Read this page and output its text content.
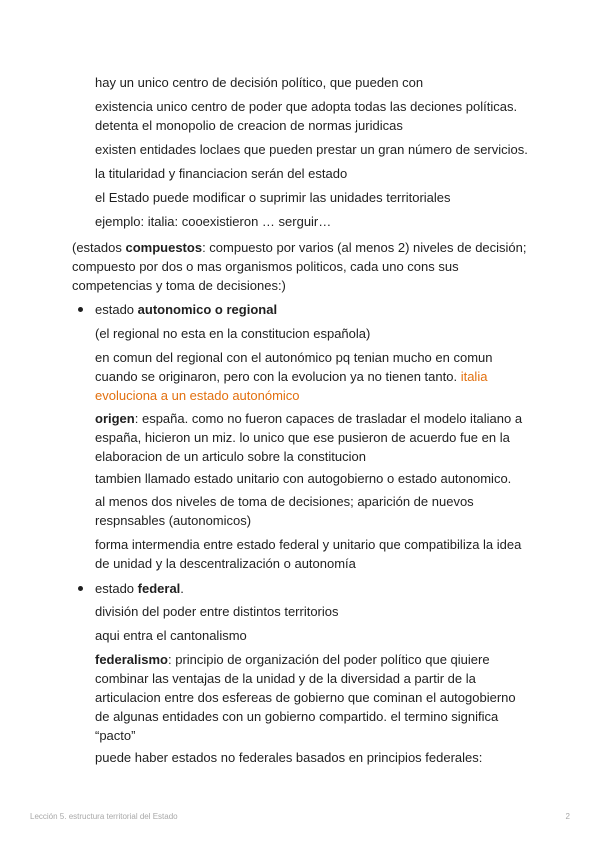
hay un unico centro de decisión político, que pueden con
existencia unico centro de poder que adopta todas las deciones políticas.
detenta el monopolio de creacion de normas juridicas
existen entidades loclaes que pueden prestar un gran número de servicios.
la titularidad y financiacion serán del estado
el Estado puede modificar o suprimir las unidades territoriales
ejemplo: italia: cooexistieron … serguir…
(estados compuestos: compuesto por varios (al menos 2) niveles de decisión;
compuesto por dos o mas organismos politicos, cada uno cons sus
competencias y toma de decisiones:)
estado autonomico o regional
(el regional no esta en la constitucion española)
en comun del regional con el autonómico pq tenian mucho en comun
cuando se originaron, pero con la evolucion ya no tienen tanto. italia
evoluciona a un estado autonómico
origen: españa. como no fueron capaces de trasladar el modelo italiano a
españa, hicieron un miz. lo unico que ese pusieron de acuerdo fue en la
elaboracion de un articulo sobre la constitucion
tambien llamado estado unitario con autogobierno o estado autonomico.
al menos dos niveles de toma de decisiones; aparición de nuevos
respnsables (autonomicos)
forma intermendia entre estado federal y unitario que compatibiliza la idea
de unidad y la descentralización o autonomía
estado federal.
división del poder entre distintos territorios
aqui entra el cantonalismo
federalismo: principio de organización del poder político que qiuiere
combinar las ventajas de la unidad y de la diversidad a partir de la
articulacion entre dos esfereas de gobierno que cominan el autogobierno
de algunas entidades con un gobierno compartido. el termino significa
“pacto”
puede haber estados no federales basados en principios federales:
Lección 5. estructura territorial del Estado	2
